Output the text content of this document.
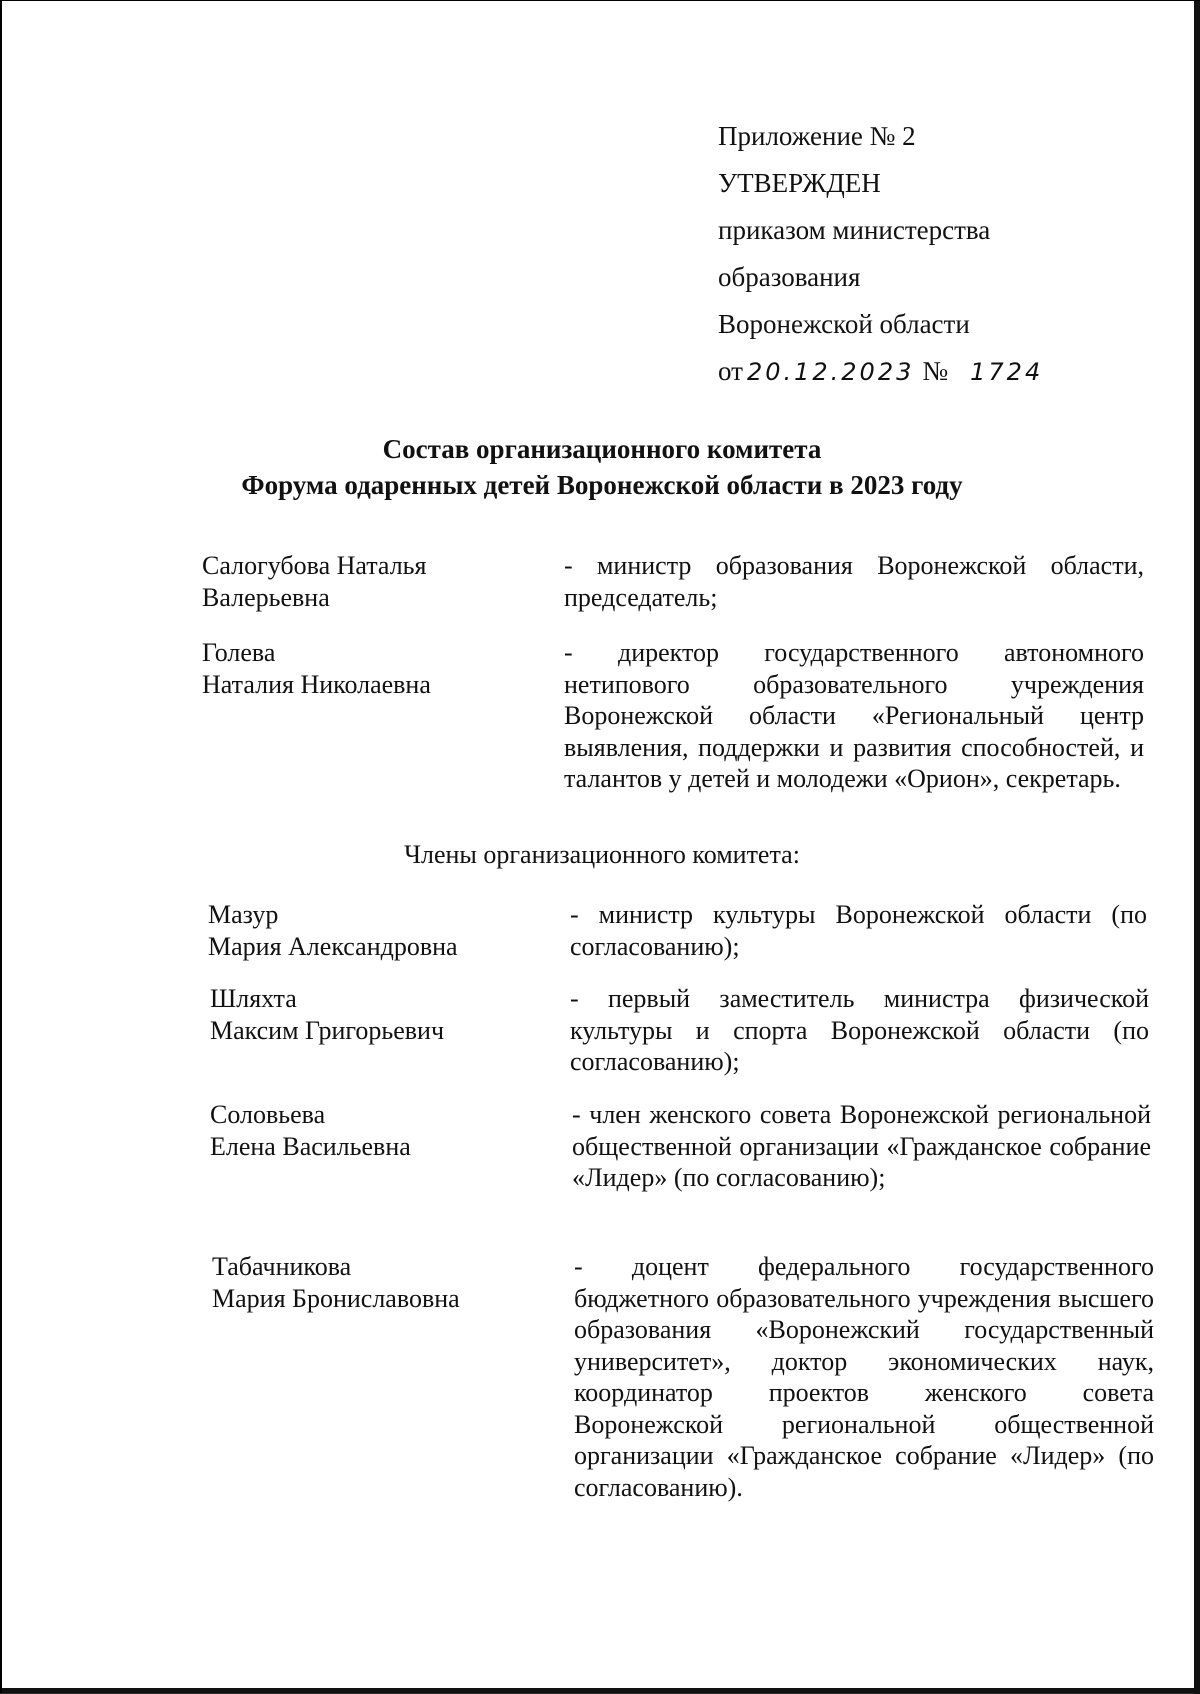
Приложение № 2
УТВЕРЖДЕН
приказом министерства
образования
Воронежской области
от 20.12.2023 № 1724
Состав организационного комитета
Форума одаренных детей Воронежской области в 2023 году
Салогубова Наталья
Валерьевна
- министр образования Воронежской области, председатель;
Голева
Наталия Николаевна
- директор государственного автономного нетипового образовательного учреждения Воронежской области «Региональный центр выявления, поддержки и развития способностей, и талантов у детей и молодежи «Орион», секретарь.
Члены организационного комитета:
Мазур
Мария Александровна
- министр культуры Воронежской области (по согласованию);
Шляхта
Максим Григорьевич
- первый заместитель министра физической культуры и спорта Воронежской области (по согласованию);
Соловьева
Елена Васильевна
- член женского совета Воронежской региональной общественной организации «Гражданское собрание «Лидер» (по согласованию);
Табачникова
Мария Брониславовна
- доцент федерального государственного бюджетного образовательного учреждения высшего образования «Воронежский государственный университет», доктор экономических наук, координатор проектов женского совета Воронежской региональной общественной организации «Гражданское собрание «Лидер» (по согласованию).
